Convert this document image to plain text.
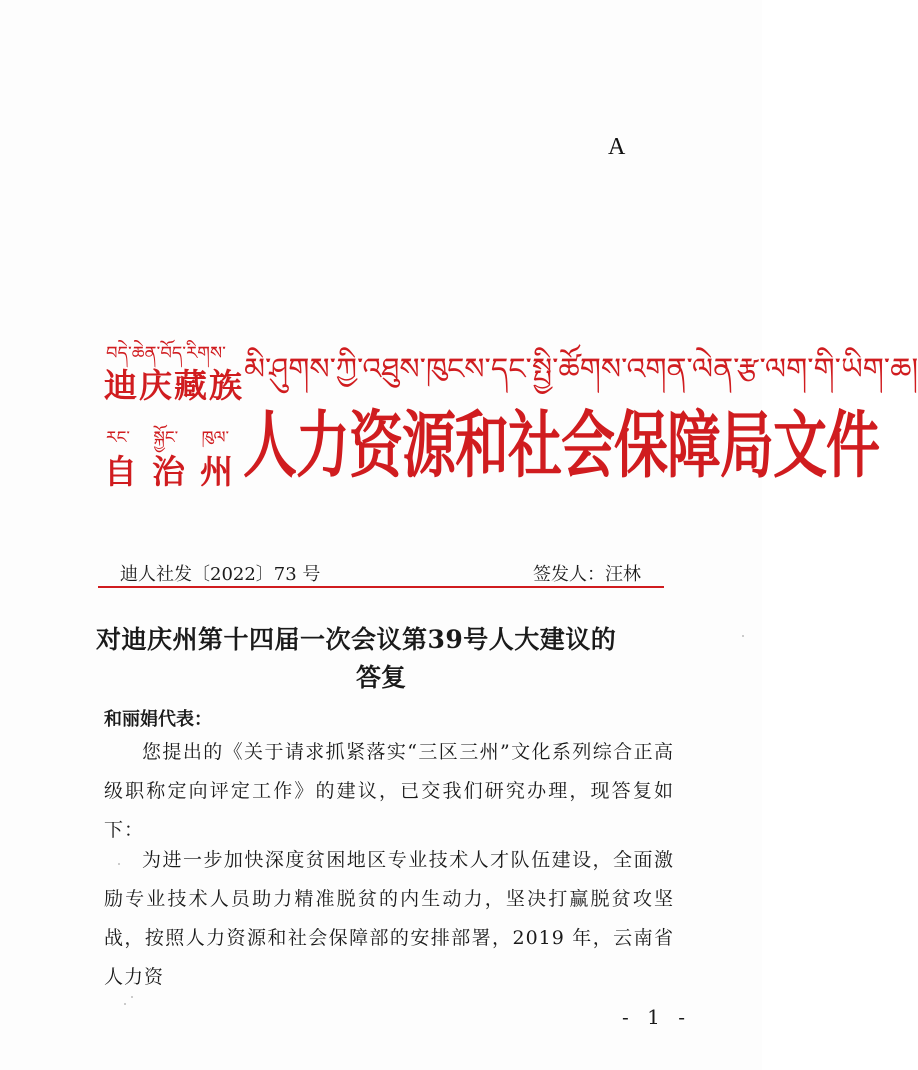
A
བདེ་ཆེན་བོད་རིགས་
迪庆藏族
རང་ སྐྱོང་ ཁུལ་
自 治 州
མི་ཤུགས་ཀྱི་འཐུས་ཁུངས་དང་སྤྱི་ཚོགས་འགན་ལེན་རྩ་ལག་གི་ཡིག་ཆ།
人力资源和社会保障局文件
迪人社发〔2022〕73 号	签发人：汪林
对迪庆州第十四届一次会议第39号人大建议的
答复
和丽娟代表：
您提出的《关于请求抓紧落实“三区三州”文化系列综合正高级职称定向评定工作》的建议，已交我们研究办理，现答复如下：
为进一步加快深度贫困地区专业技术人才队伍建设，全面激励专业技术人员助力精准脱贫的内生动力，坚决打赢脱贫攻坚战，按照人力资源和社会保障部的安排部署，2019 年，云南省人力资
- 1 -
